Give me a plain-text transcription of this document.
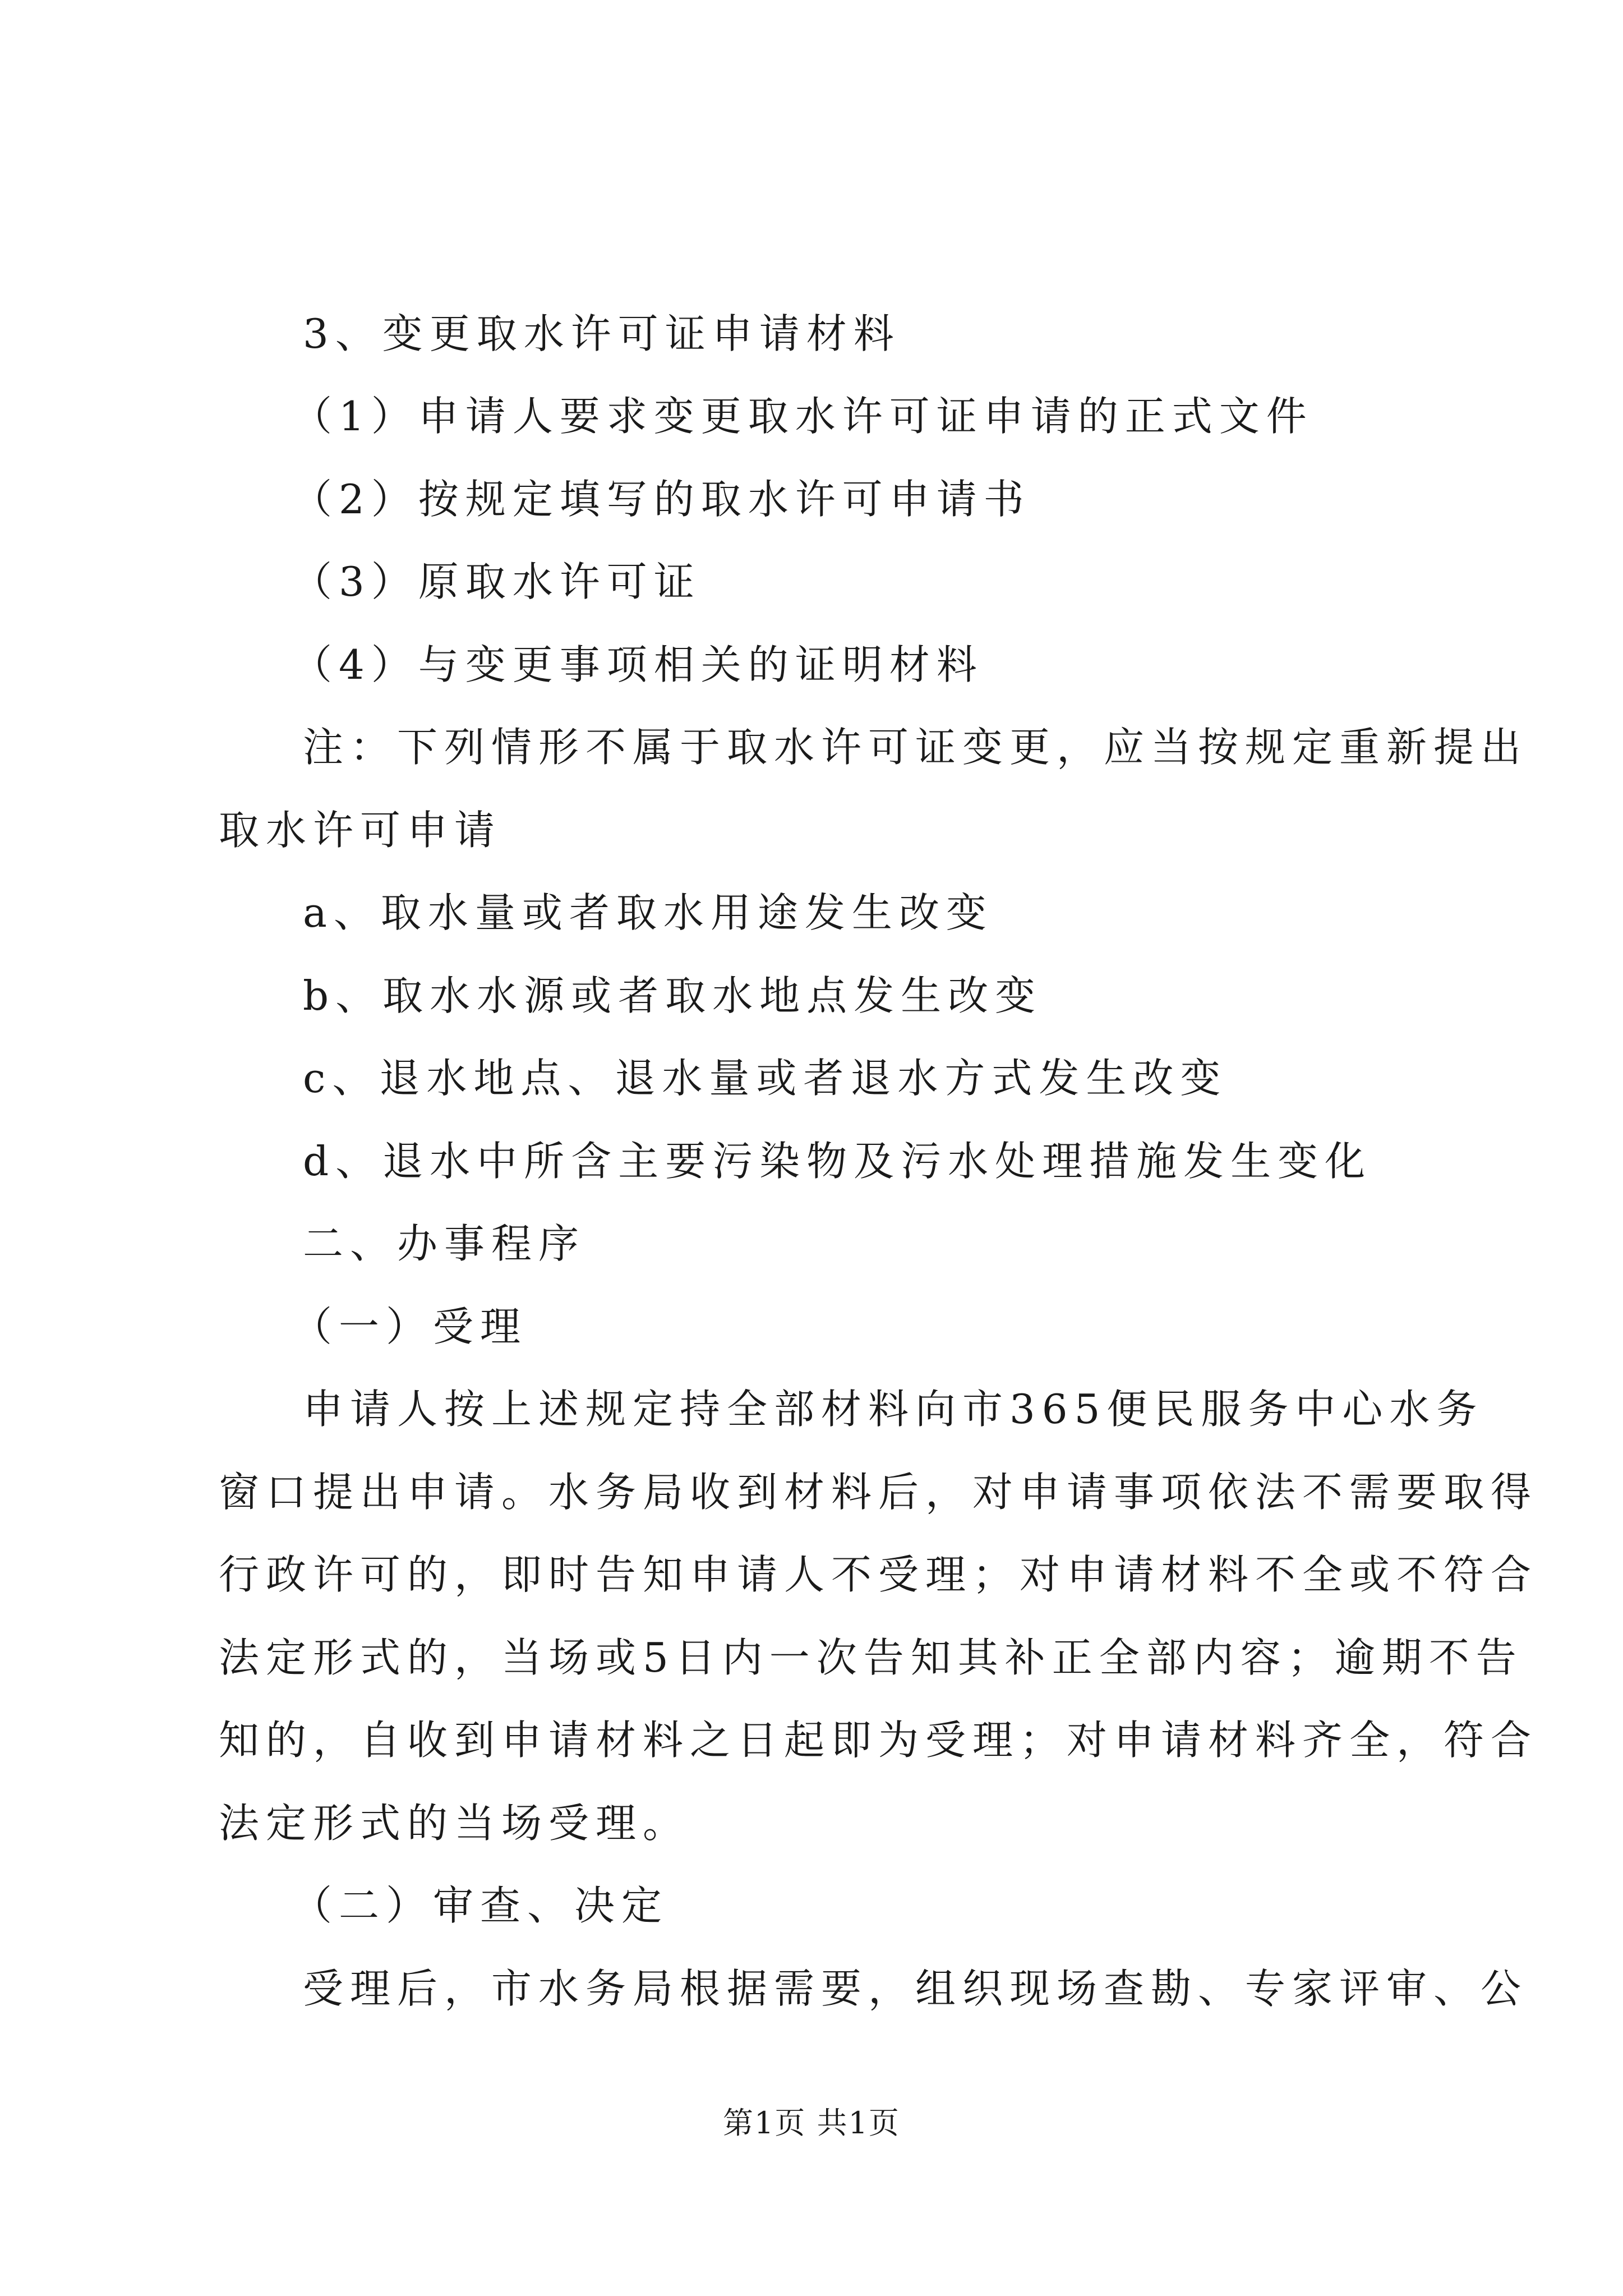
3、变更取水许可证申请材料
（1）申请人要求变更取水许可证申请的正式文件
（2）按规定填写的取水许可申请书
（3）原取水许可证
（4）与变更事项相关的证明材料
注：下列情形不属于取水许可证变更，应当按规定重新提出
取水许可申请
a、取水量或者取水用途发生改变
b、取水水源或者取水地点发生改变
c、退水地点、退水量或者退水方式发生改变
d、退水中所含主要污染物及污水处理措施发生变化
二、办事程序
（一）受理
申请人按上述规定持全部材料向市365便民服务中心水务
窗口提出申请。水务局收到材料后，对申请事项依法不需要取得
行政许可的，即时告知申请人不受理；对申请材料不全或不符合
法定形式的，当场或5日内一次告知其补正全部内容；逾期不告
知的，自收到申请材料之日起即为受理；对申请材料齐全，符合
法定形式的当场受理。
（二）审查、决定
受理后，市水务局根据需要，组织现场查勘、专家评审、公
第1页 共1页
